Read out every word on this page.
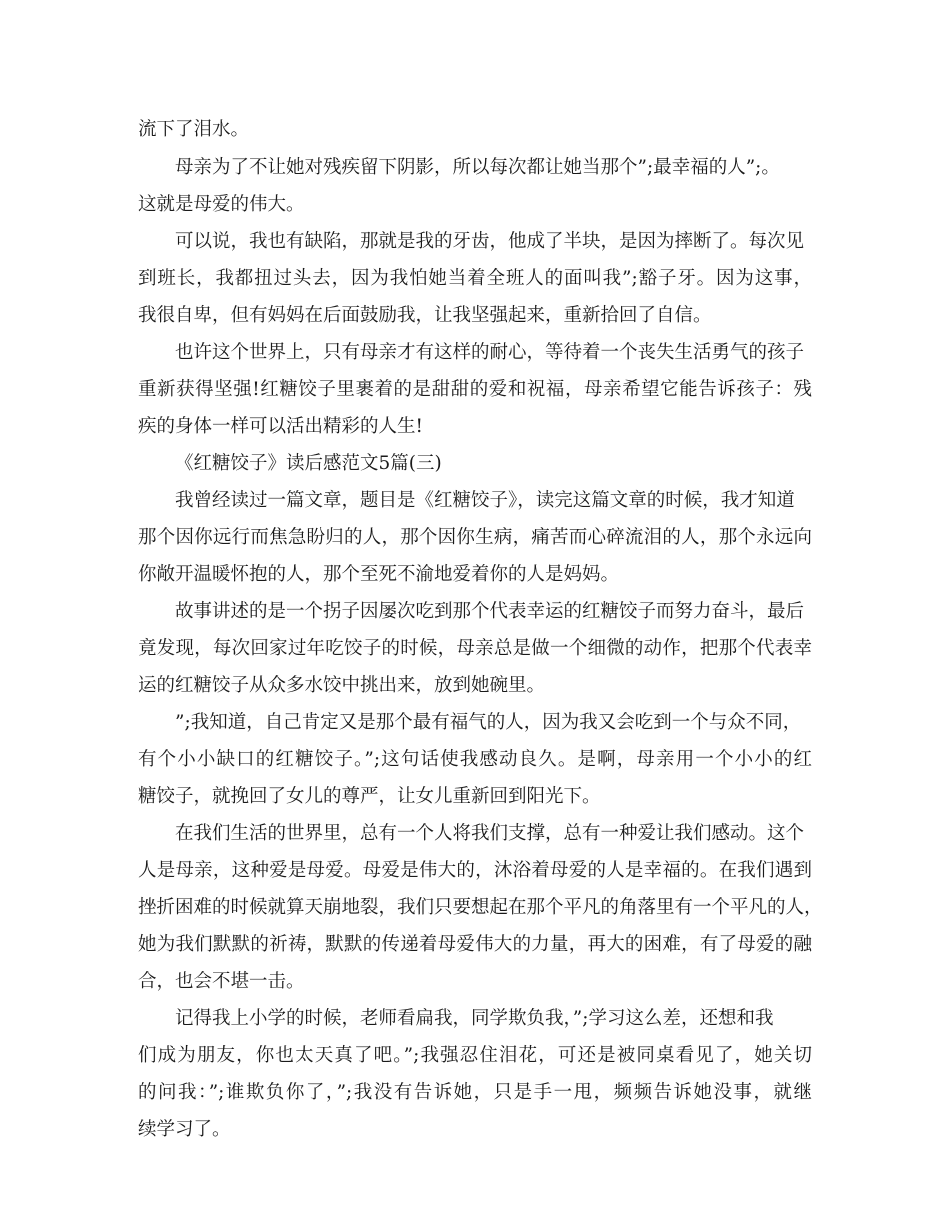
流下了泪水。
母亲为了不让她对残疾留下阴影，所以每次都让她当那个”;最幸福的人”;。
这就是母爱的伟大。
可以说，我也有缺陷，那就是我的牙齿，他成了半块，是因为摔断了。每次见
到班长，我都扭过头去，因为我怕她当着全班人的面叫我”;豁子牙。因为这事，
我很自卑，但有妈妈在后面鼓励我，让我坚强起来，重新拾回了自信。
也许这个世界上，只有母亲才有这样的耐心，等待着一个丧失生活勇气的孩子
重新获得坚强!红糖饺子里裹着的是甜甜的爱和祝福，母亲希望它能告诉孩子：残
疾的身体一样可以活出精彩的人生!
《红糖饺子》读后感范文5篇(三)
我曾经读过一篇文章，题目是《红糖饺子》，读完这篇文章的时候，我才知道
那个因你远行而焦急盼归的人，那个因你生病，痛苦而心碎流泪的人，那个永远向
你敞开温暖怀抱的人，那个至死不渝地爱着你的人是妈妈。
故事讲述的是一个拐子因屡次吃到那个代表幸运的红糖饺子而努力奋斗，最后
竟发现，每次回家过年吃饺子的时候，母亲总是做一个细微的动作，把那个代表幸
运的红糖饺子从众多水饺中挑出来，放到她碗里。
”;我知道，自己肯定又是那个最有福气的人，因为我又会吃到一个与众不同，
有个小小缺口的红糖饺子。”;这句话使我感动良久。是啊，母亲用一个小小的红
糖饺子，就挽回了女儿的尊严，让女儿重新回到阳光下。
在我们生活的世界里，总有一个人将我们支撑，总有一种爱让我们感动。这个
人是母亲，这种爱是母爱。母爱是伟大的，沐浴着母爱的人是幸福的。在我们遇到
挫折困难的时候就算天崩地裂，我们只要想起在那个平凡的角落里有一个平凡的人，
她为我们默默的祈祷，默默的传递着母爱伟大的力量，再大的困难，有了母爱的融
合，也会不堪一击。
记得我上小学的时候，老师看扁我，同学欺负我，”;学习这么差，还想和我
们成为朋友，你也太天真了吧。”;我强忍住泪花，可还是被同桌看见了，她关切
的问我：”;谁欺负你了，”;我没有告诉她，只是手一甩，频频告诉她没事，就继
续学习了。
